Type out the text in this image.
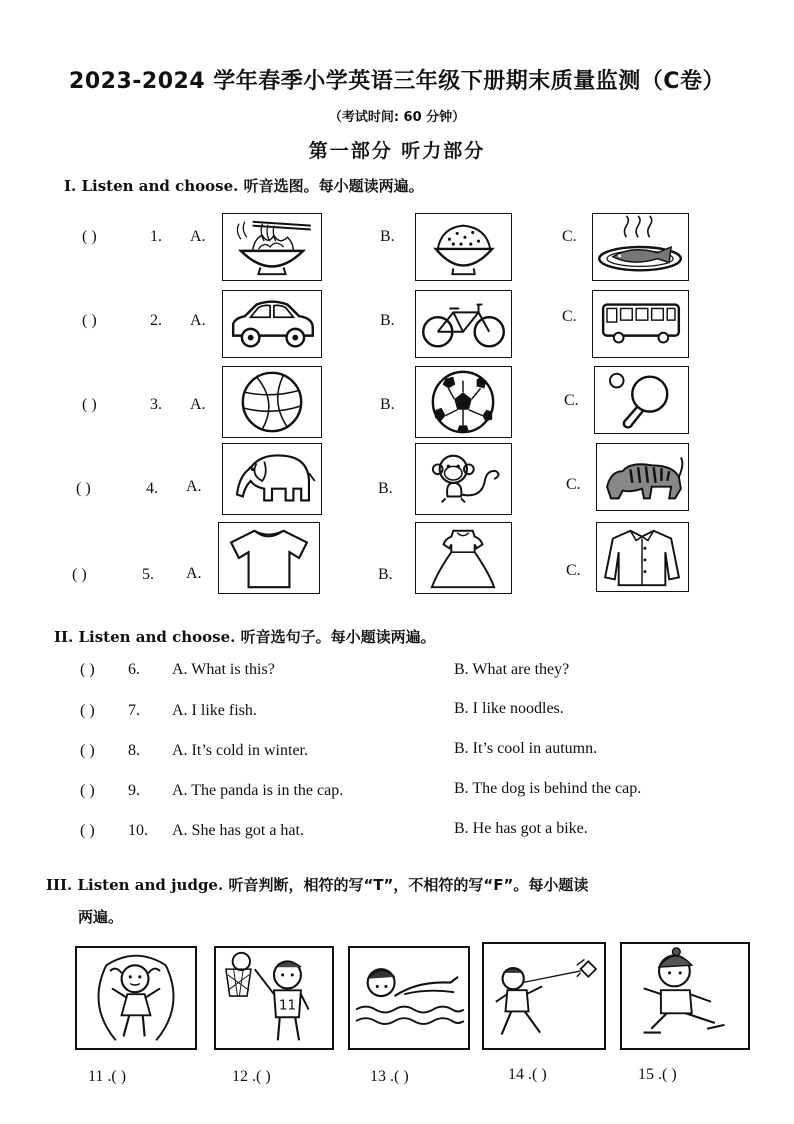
2023-2024 学年春季小学英语三年级下册期末质量监测（C卷）
（考试时间: 60 分钟）
第一部分 听力部分
I. Listen and choose. 听音选图。每小题读两遍。
( )	1. A.	B.	C.
( )	2. A.	B.	C.
( )	3. A.	B.	C.
( )	4. A.	B.	C.
( )	5. A.	B.	C.
II. Listen and choose. 听音选句子。每小题读两遍。
( ) 6. A. What is this?	B. What are they?
( ) 7. A. I like fish.	B. I like noodles.
( ) 8. A. It’s cold in winter.	B. It’s cool in autumn.
( ) 9. A. The panda is in the cap.	B. The dog is behind the cap.
( ) 10. A. She has got a hat.	B. He has got a bike.
III. Listen and judge. 听音判断，相符的写“T”，不相符的写“F”。每小题读
两遍。
11
11 .( )	12 .( )	13 .( )	14 .( )	15 .( )
